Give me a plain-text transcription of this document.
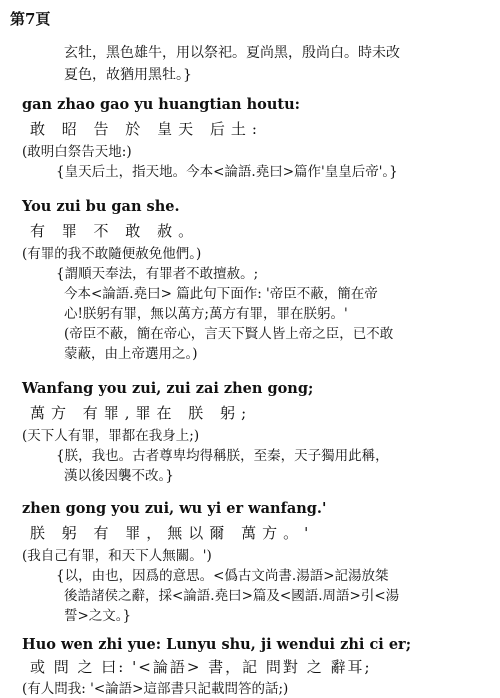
第7頁
玄牡，黑色雄牛，用以祭祀。夏尚黑，殷尚白。時未改
夏色，故猶用黑牡。}
gan zhao gao yu huangtian houtu:
敢 昭 告 於 皇天 后土:
(敢明白祭告天地:)
{皇天后土，指天地。今本<論語.堯曰>篇作'皇皇后帝'。}
You zui bu gan she.
有 罪 不 敢 赦。
(有罪的我不敢隨便赦免他們。)
{謂順天奉法，有罪者不敢擅赦。;
今本<論語.堯曰> 篇此句下面作: '帝臣不蔽，簡在帝
心!朕躬有罪，無以萬方;萬方有罪，罪在朕躬。'
(帝臣不蔽，簡在帝心，言天下賢人皆上帝之臣，已不敢
蒙蔽，由上帝選用之。)
Wanfang you zui, zui zai zhen gong;
萬方 有罪,罪在 朕 躬;
(天下人有罪，罪都在我身上;)
{朕，我也。古者尊卑均得稱朕，至秦，天子獨用此稱，
漢以後因襲不改。}
zhen gong you zui, wu yi er wanfang.'
朕 躬 有 罪，無以爾 萬方。'
(我自己有罪，和天下人無關。')
{以，由也，因爲的意思。<僞古文尚書.湯語>記湯放桀
後誥諸侯之辭，採<論語.堯曰>篇及<國語.周語>引<湯
誓>之文。}
Huo wen zhi yue: Lunyu shu, ji wendui zhi ci er;
或 問 之 曰: '<論語> 書，記 問對 之 辭耳;
(有人問我: '<論語>這部書只記載問答的話;)
